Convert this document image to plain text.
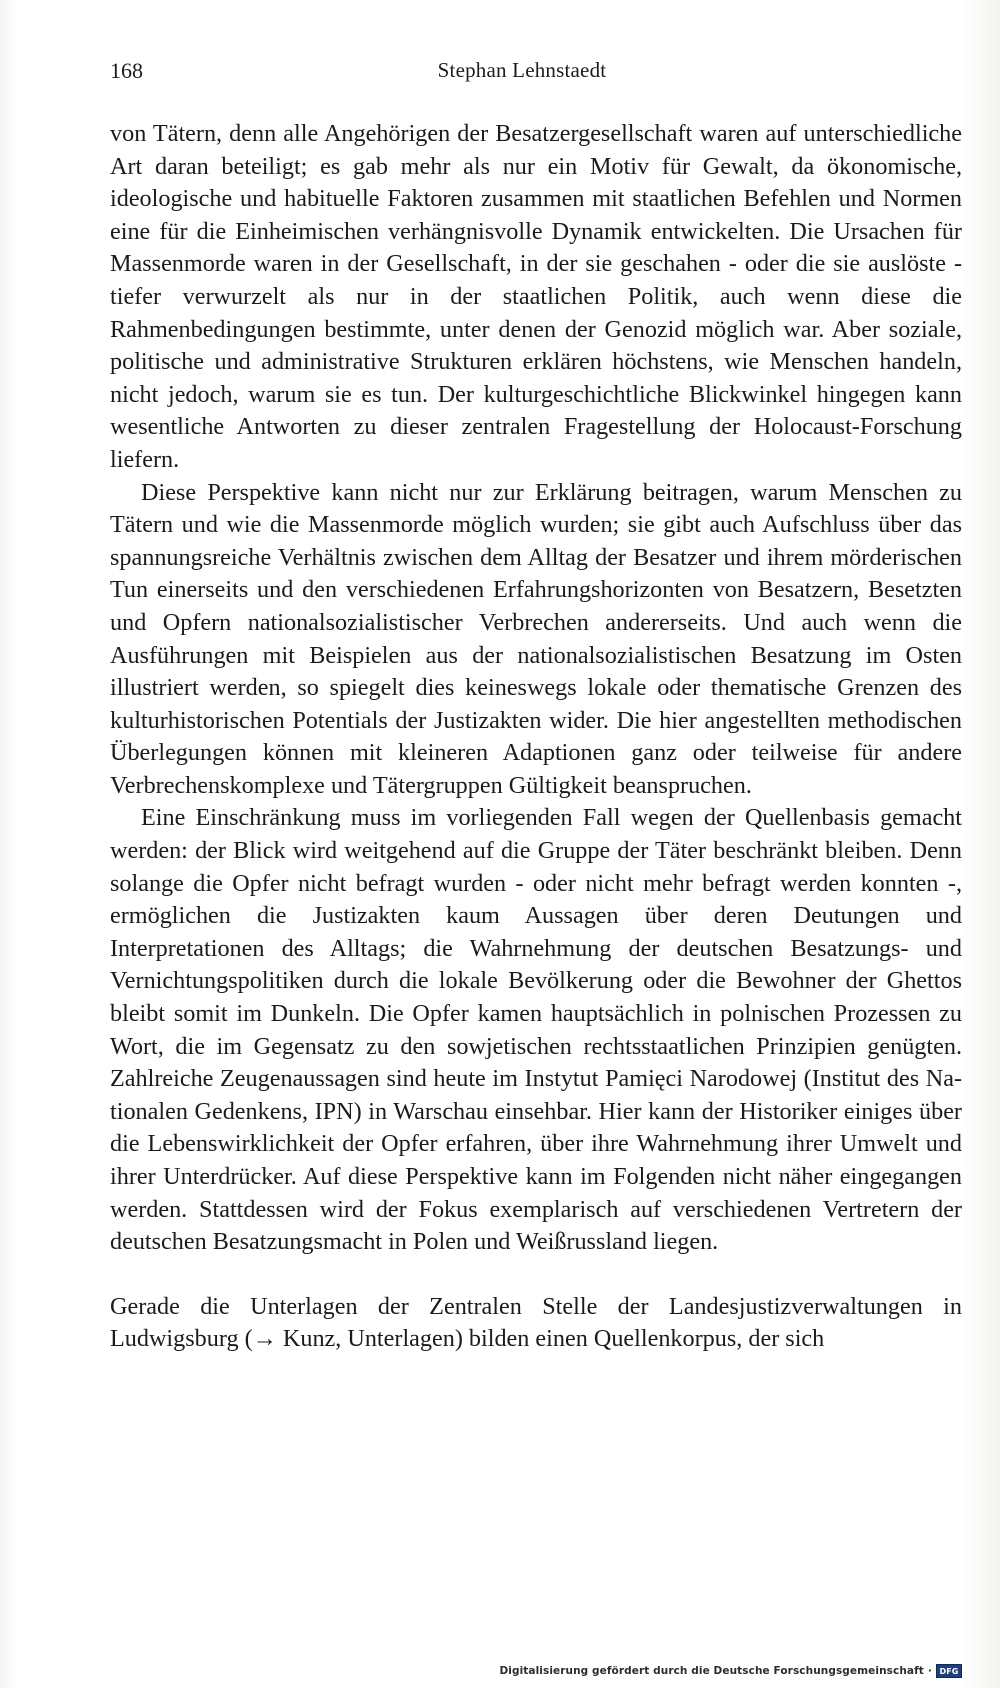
168	Stephan Lehnstaedt

von Tätern, denn alle Angehörigen der Besatzergesellschaft waren auf unterschiedliche Art daran beteiligt; es gab mehr als nur ein Motiv für Gewalt, da ökonomische, ideologische und habituelle Faktoren zusammen mit staatlichen Befehlen und Normen eine für die Einheimischen verhängnisvolle Dynamik entwickelten. Die Ursachen für Massenmorde waren in der Gesellschaft, in der sie geschahen - oder die sie auslöste - tiefer verwurzelt als nur in der staatlichen Politik, auch wenn diese die Rahmenbedingungen bestimmte, unter denen der Genozid möglich war. Aber soziale, politische und administrative Strukturen erklären höchstens, wie Menschen handeln, nicht jedoch, warum sie es tun. Der kulturgeschichtliche Blickwinkel hingegen kann wesentliche Antworten zu dieser zentralen Fragestellung der Holocaust-Forschung liefern.

Diese Perspektive kann nicht nur zur Erklärung beitragen, warum Menschen zu Tätern und wie die Massenmorde möglich wurden; sie gibt auch Aufschluss über das spannungsreiche Verhältnis zwischen dem Alltag der Besatzer und ihrem mörderischen Tun einerseits und den verschiedenen Erfahrungshorizonten von Besatzern, Besetzten und Opfern nationalsozialistischer Verbrechen andererseits. Und auch wenn die Ausführungen mit Beispielen aus der nationalsozialistischen Besatzung im Osten illustriert werden, so spiegelt dies keineswegs lokale oder thematische Grenzen des kulturhistorischen Potentials der Justizakten wider. Die hier angestellten methodischen Überlegungen können mit kleineren Adaptionen ganz oder teilweise für andere Verbrechenskomplexe und Tätergruppen Gültigkeit beanspruchen.

Eine Einschränkung muss im vorliegenden Fall wegen der Quellenbasis gemacht werden: der Blick wird weitgehend auf die Gruppe der Täter beschränkt bleiben. Denn solange die Opfer nicht befragt wurden - oder nicht mehr befragt werden konnten -, ermöglichen die Justizakten kaum Aussagen über deren Deutungen und Interpretationen des Alltags; die Wahrnehmung der deutschen Besatzungs- und Vernichtungspolitiken durch die lokale Bevölkerung oder die Bewohner der Ghettos bleibt somit im Dunkeln. Die Opfer kamen hauptsächlich in polnischen Prozessen zu Wort, die im Gegensatz zu den sowjetischen rechtsstaatlichen Prinzipien genügten. Zahlreiche Zeugenaussagen sind heute im Instytut Pamięci Narodowej (Institut des Nationalen Gedenkens, IPN) in Warschau einsehbar. Hier kann der Historiker einiges über die Lebenswirklichkeit der Opfer erfahren, über ihre Wahrnehmung ihrer Umwelt und ihrer Unterdrücker. Auf diese Perspektive kann im Folgenden nicht näher eingegangen werden. Stattdessen wird der Fokus exemplarisch auf verschiedenen Vertretern der deutschen Besatzungsmacht in Polen und Weißrussland liegen.

Gerade die Unterlagen der Zentralen Stelle der Landesjustizverwaltungen in Ludwigsburg (→ Kunz, Unterlagen) bilden einen Quellenkorpus, der sich

Digitalisierung gefördert durch die Deutsche Forschungsgemeinschaft · DFG
